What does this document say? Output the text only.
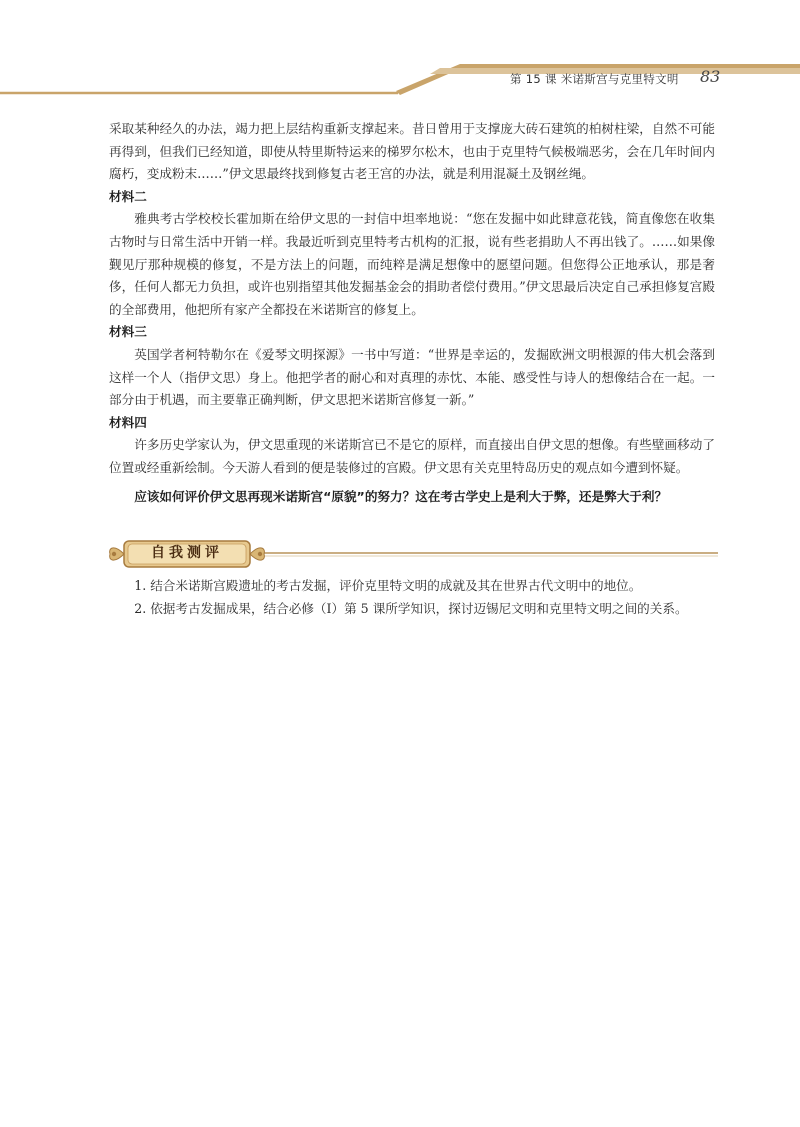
第 15 课 米诺斯宫与克里特文明 83

采取某种经久的办法，竭力把上层结构重新支撑起来。昔日曾用于支撑庞大砖石建筑的柏树柱梁，自然不可能再得到，但我们已经知道，即使从特里斯特运来的梯罗尔松木，也由于克里特气候极端恶劣，会在几年时间内腐朽，变成粉末……”伊文思最终找到修复古老王宫的办法，就是利用混凝土及钢丝绳。

材料二

雅典考古学校校长霍加斯在给伊文思的一封信中坦率地说：“您在发掘中如此肆意花钱，简直像您在收集古物时与日常生活中开销一样。我最近听到克里特考古机构的汇报，说有些老捐助人不再出钱了。……如果像觐见厅那种规模的修复，不是方法上的问题，而纯粹是满足想像中的愿望问题。但您得公正地承认，那是奢侈，任何人都无力负担，或许也别指望其他发掘基金会的捐助者偿付费用。”伊文思最后决定自己承担修复宫殿的全部费用，他把所有家产全都投在米诺斯宫的修复上。

材料三

英国学者柯特勒尔在《爱琴文明探源》一书中写道：“世界是幸运的，发掘欧洲文明根源的伟大机会落到这样一个人（指伊文思）身上。他把学者的耐心和对真理的赤忱、本能、感受性与诗人的想像结合在一起。一部分由于机遇，而主要靠正确判断，伊文思把米诺斯宫修复一新。”

材料四

许多历史学家认为，伊文思重现的米诺斯宫已不是它的原样，而直接出自伊文思的想像。有些壁画移动了位置或经重新绘制。今天游人看到的便是装修过的宫殿。伊文思有关克里特岛历史的观点如今遭到怀疑。

应该如何评价伊文思再现米诺斯宫“原貌”的努力？这在考古学史上是利大于弊，还是弊大于利？

自我测评

1. 结合米诺斯宫殿遗址的考古发掘，评价克里特文明的成就及其在世界古代文明中的地位。

2. 依据考古发掘成果，结合必修（Ⅰ）第 5 课所学知识，探讨迈锡尼文明和克里特文明之间的关系。
